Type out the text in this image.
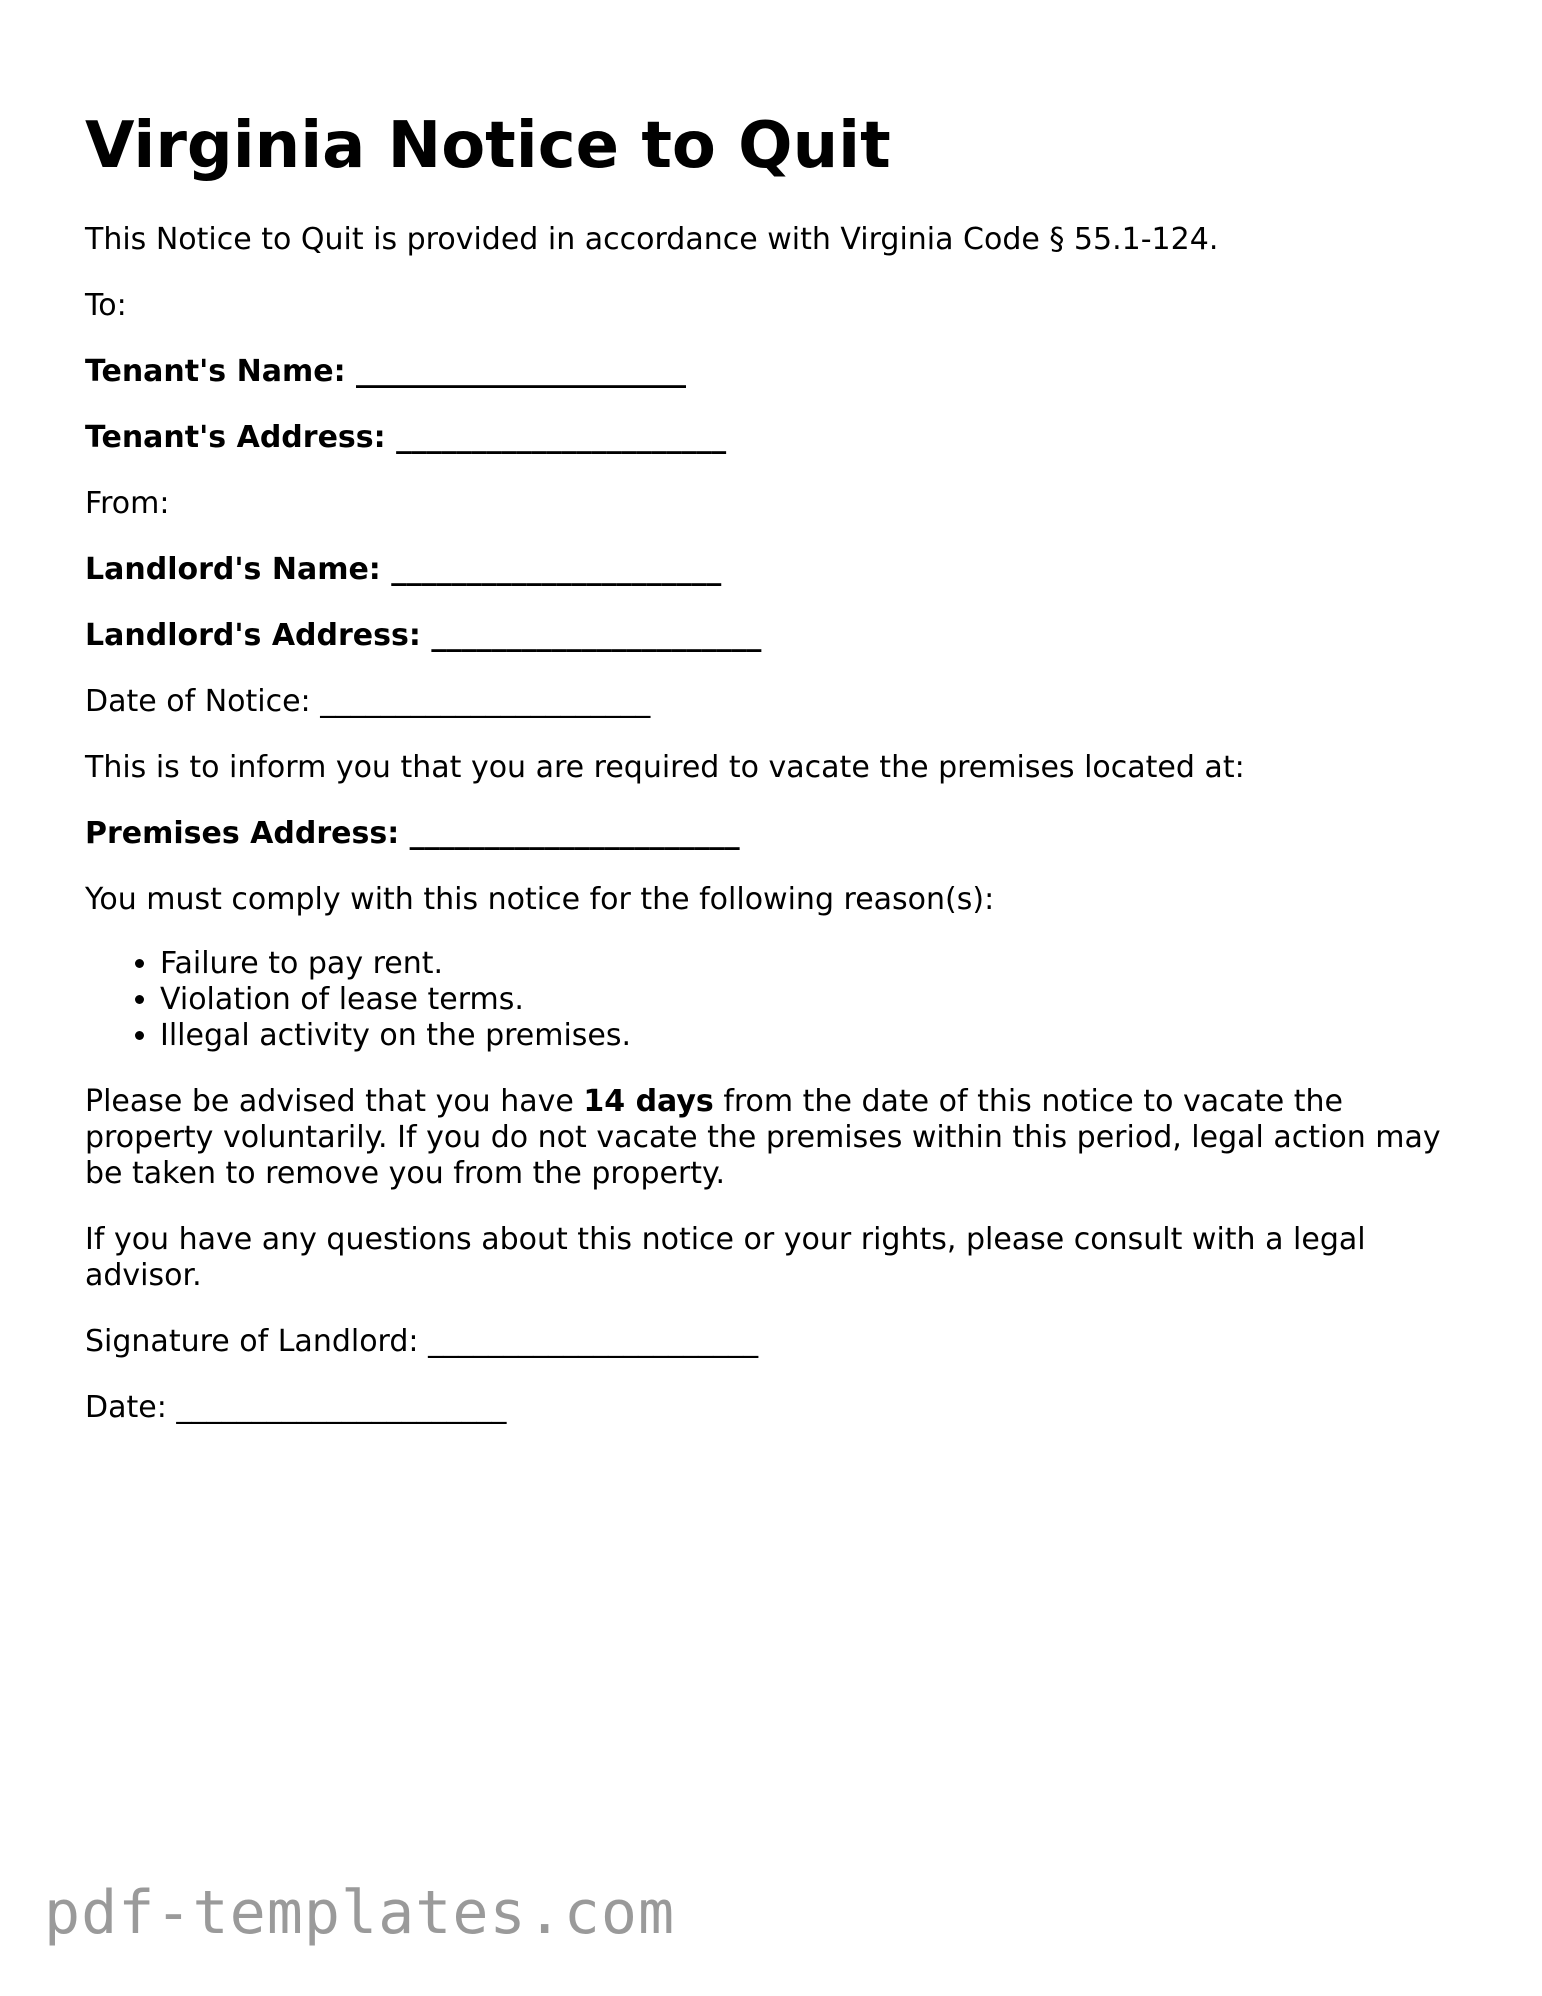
Virginia Notice to Quit

This Notice to Quit is provided in accordance with Virginia Code § 55.1-124.

To:

Tenant's Name: ______________________

Tenant's Address: ______________________

From:

Landlord's Name: ______________________

Landlord's Address: ______________________

Date of Notice: ______________________

This is to inform you that you are required to vacate the premises located at:

Premises Address: ______________________

You must comply with this notice for the following reason(s):

• Failure to pay rent.
• Violation of lease terms.
• Illegal activity on the premises.

Please be advised that you have 14 days from the date of this notice to vacate the property voluntarily. If you do not vacate the premises within this period, legal action may be taken to remove you from the property.

If you have any questions about this notice or your rights, please consult with a legal advisor.

Signature of Landlord: ______________________

Date: ______________________

pdf-templates.com
